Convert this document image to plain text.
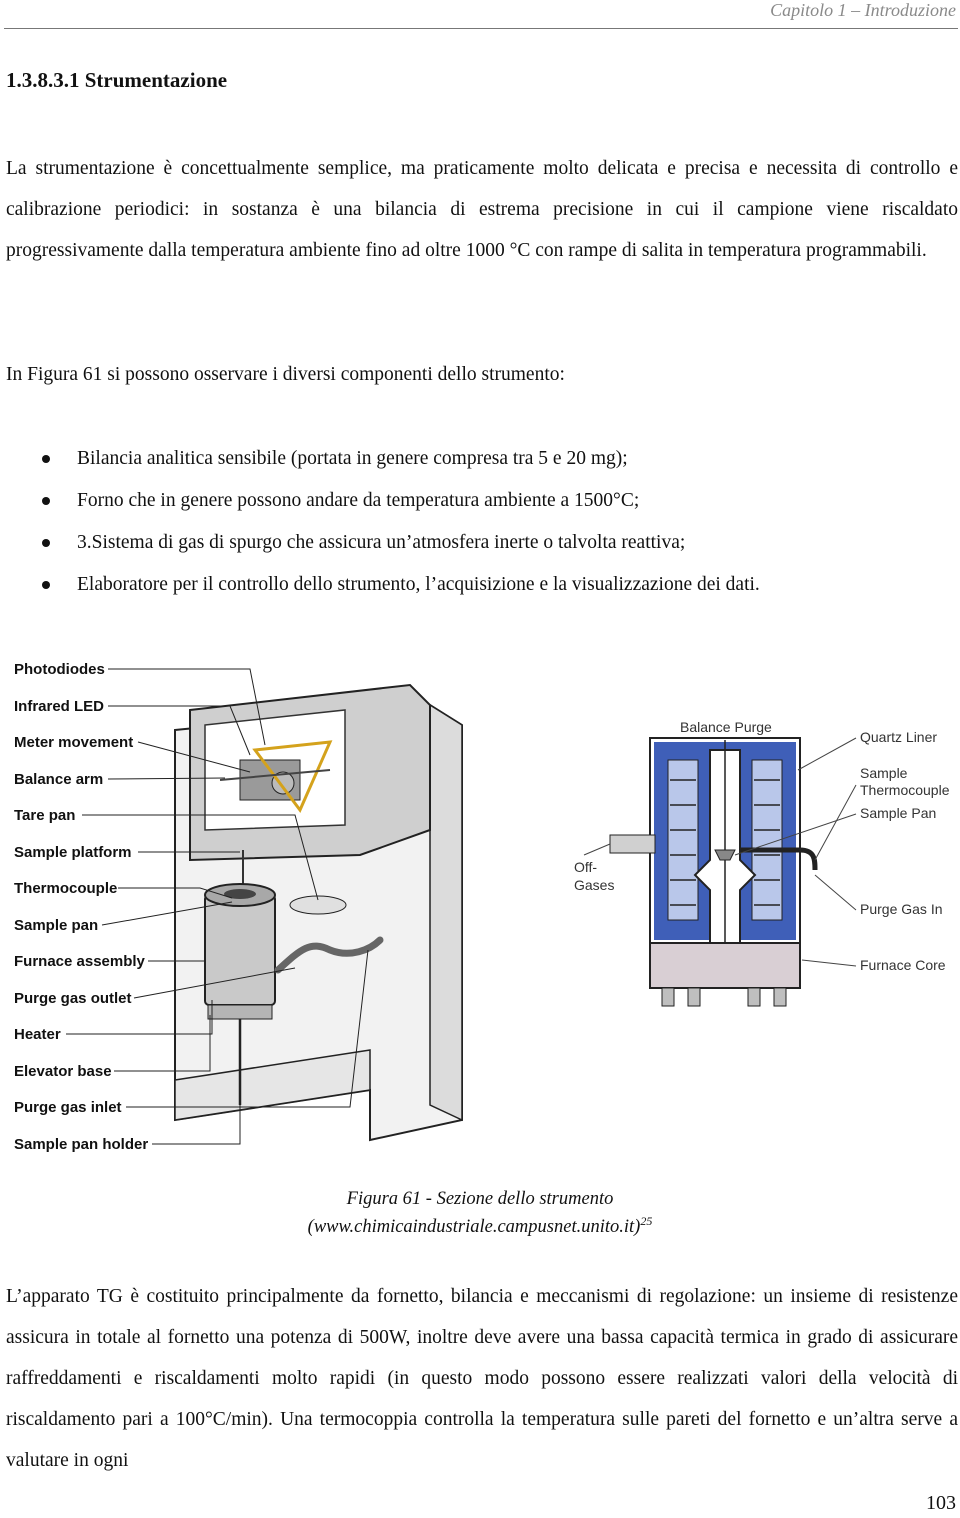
Capitolo 1 – Introduzione
1.3.8.3.1 Strumentazione

La strumentazione è concettualmente semplice, ma praticamente molto delicata e precisa e necessita di controllo e calibrazione periodici: in sostanza è una bilancia di estrema precisione in cui il campione viene riscaldato progressivamente dalla temperatura ambiente fino ad oltre 1000 °C con rampe di salita in temperatura programmabili.

In Figura 61 si possono osservare i diversi componenti dello strumento:

Bilancia analitica sensibile (portata in genere compresa tra 5 e 20 mg);
Forno che in genere possono andare da temperatura ambiente a 1500°C;
3.Sistema di gas di spurgo che assicura un’atmosfera inerte o talvolta reattiva;
Elaboratore per il controllo dello strumento, l’acquisizione e la visualizzazione dei dati.
Photodiodes
Infrared LED
Meter movement
Balance arm
Tare pan
Sample platform
Thermocouple
Sample pan
Furnace assembly
Purge gas outlet
Heater
Elevator base
Purge gas inlet
Sample pan holder
Balance Purge
Quartz Liner
Sample
Thermocouple
Sample Pan
Off-
Gases
Purge Gas In
Furnace Core
Figura 61 - Sezione dello strumento
(www.chimicaindustriale.campusnet.unito.it)$^{25}$

L’apparato TG è costituito principalmente da fornetto, bilancia e meccanismi di regolazione: un insieme di resistenze assicura in totale al fornetto una potenza di 500W, inoltre deve avere una bassa capacità termica in grado di assicurare raffreddamenti e riscaldamenti molto rapidi (in questo modo possono essere realizzati valori della velocità di riscaldamento pari a 100°C/min). Una termocoppia controlla la temperatura sulle pareti del fornetto e un’altra serve a valutare in ogni

103
